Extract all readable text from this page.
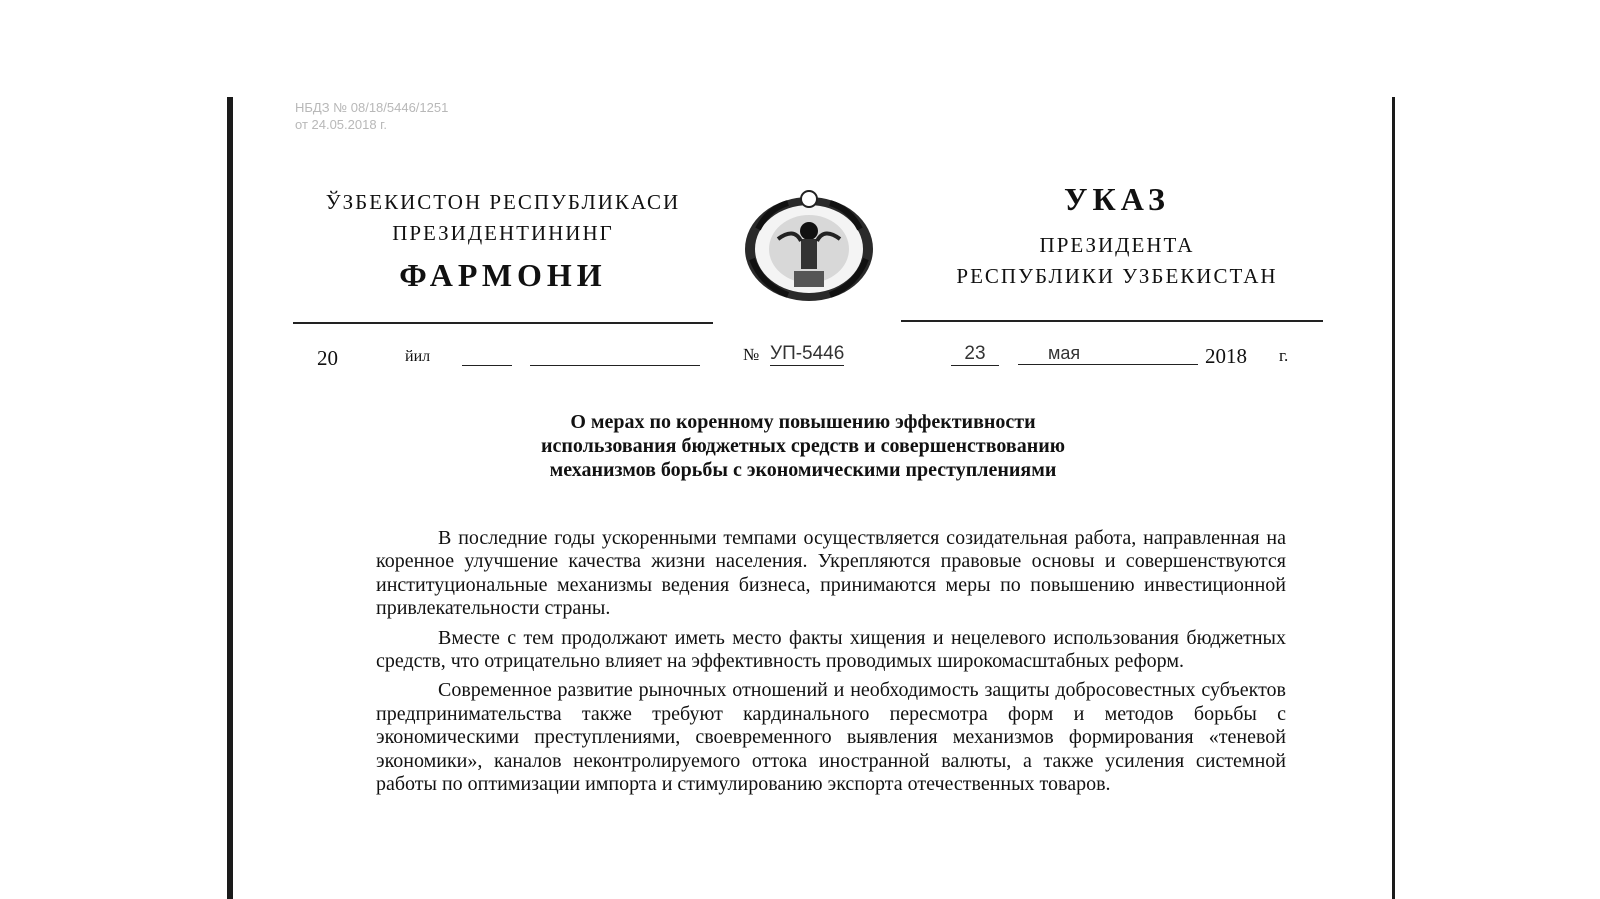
НБДЗ № 08/18/5446/1251
от 24.05.2018 г.
ЎЗБЕКИСТОН РЕСПУБЛИКАСИ
ПРЕЗИДЕНТИНИНГ
ФАРМОНИ
УКАЗ
ПРЕЗИДЕНТА
РЕСПУБЛИКИ УЗБЕКИСТАН
20	йил	№ УП-5446	23	мая	2018 г.
О мерах по коренному повышению эффективности
использования бюджетных средств и совершенствованию
механизмов борьбы с экономическими преступлениями

В последние годы ускоренными темпами осуществляется созидательная работа, направленная на коренное улучшение качества жизни населения. Укрепляются правовые основы и совершенствуются институциональные механизмы ведения бизнеса, принимаются меры по повышению инвестиционной привлекательности страны.

Вместе с тем продолжают иметь место факты хищения и нецелевого использования бюджетных средств, что отрицательно влияет на эффективность проводимых широкомасштабных реформ.

Современное развитие рыночных отношений и необходимость защиты добросовестных субъектов предпринимательства также требуют кардинального пересмотра форм и методов борьбы с экономическими преступлениями, своевременного выявления механизмов формирования «теневой экономики», каналов неконтролируемого оттока иностранной валюты, а также усиления системной работы по оптимизации импорта и стимулированию экспорта отечественных товаров.
